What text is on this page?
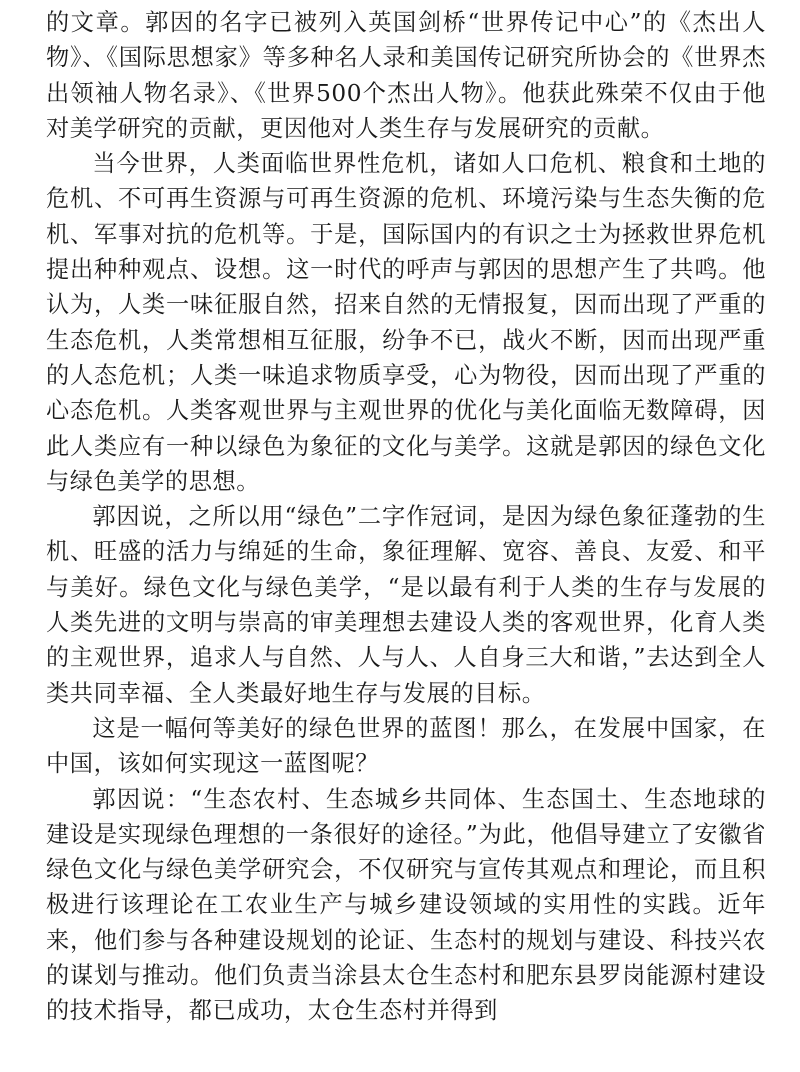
的文章。郭因的名字已被列入英国剑桥“世界传记中心”的《杰出人物》、《国际思想家》等多种名人录和美国传记研究所协会的《世界杰出领袖人物名录》、《世界500个杰出人物》。他获此殊荣不仅由于他对美学研究的贡献，更因他对人类生存与发展研究的贡献。

当今世界，人类面临世界性危机，诸如人口危机、粮食和土地的危机、不可再生资源与可再生资源的危机、环境污染与生态失衡的危机、军事对抗的危机等。于是，国际国内的有识之士为拯救世界危机提出种种观点、设想。这一时代的呼声与郭因的思想产生了共鸣。他认为，人类一味征服自然，招来自然的无情报复，因而出现了严重的生态危机，人类常想相互征服，纷争不已，战火不断，因而出现严重的人态危机；人类一味追求物质享受，心为物役，因而出现了严重的心态危机。人类客观世界与主观世界的优化与美化面临无数障碍，因此人类应有一种以绿色为象征的文化与美学。这就是郭因的绿色文化与绿色美学的思想。

郭因说，之所以用“绿色”二字作冠词，是因为绿色象征蓬勃的生机、旺盛的活力与绵延的生命，象征理解、宽容、善良、友爱、和平与美好。绿色文化与绿色美学，“是以最有利于人类的生存与发展的人类先进的文明与崇高的审美理想去建设人类的客观世界，化育人类的主观世界，追求人与自然、人与人、人自身三大和谐，”去达到全人类共同幸福、全人类最好地生存与发展的目标。

这是一幅何等美好的绿色世界的蓝图！那么，在发展中国家，在中国，该如何实现这一蓝图呢？

郭因说：“生态农村、生态城乡共同体、生态国土、生态地球的建设是实现绿色理想的一条很好的途径。”为此，他倡导建立了安徽省绿色文化与绿色美学研究会，不仅研究与宣传其观点和理论，而且积极进行该理论在工农业生产与城乡建设领域的实用性的实践。近年来，他们参与各种建设规划的论证、生态村的规划与建设、科技兴农的谋划与推动。他们负责当涂县太仓生态村和肥东县罗岗能源村建设的技术指导，都已成功，太仓生态村并得到
